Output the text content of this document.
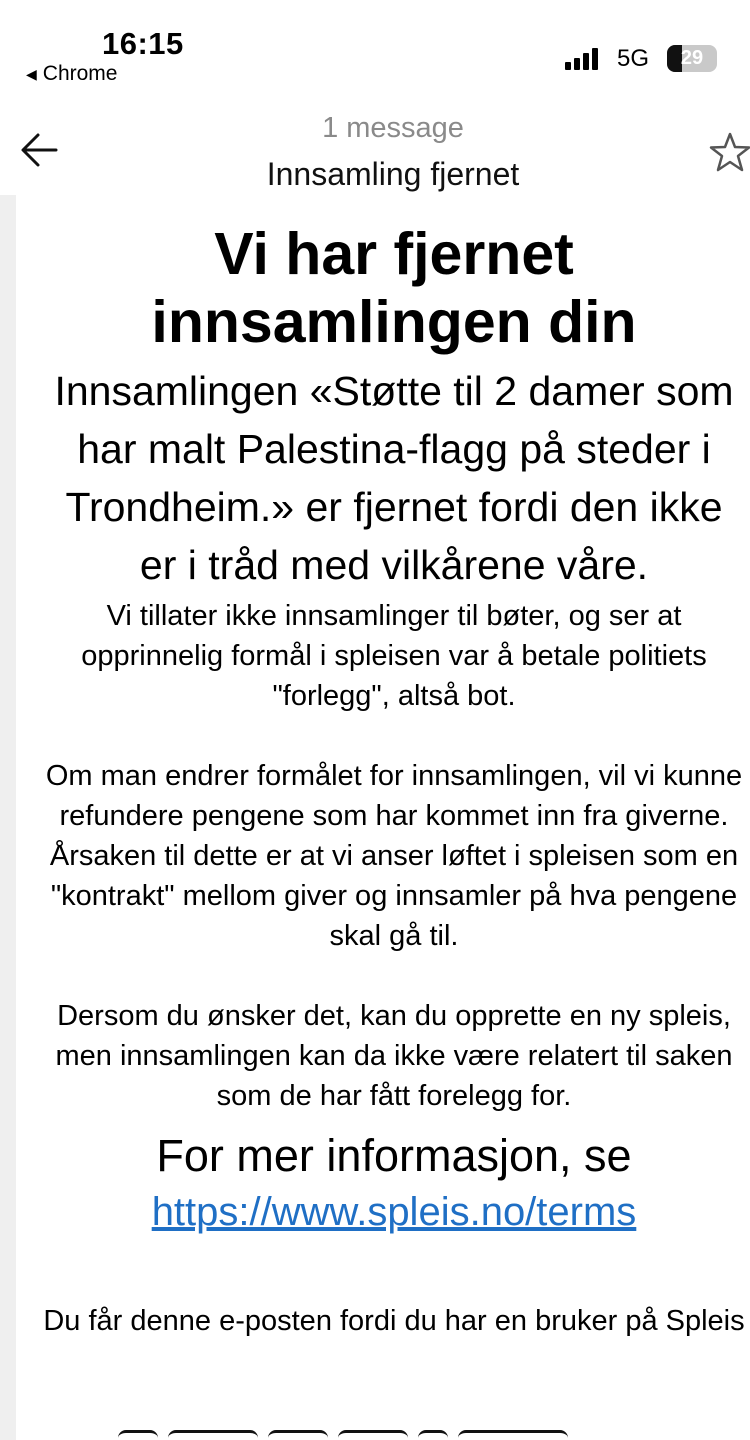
16:15
◀ Chrome
5G	29
1 message
Innsamling fjernet
Vi har fjernet innsamlingen din
Innsamlingen «Støtte til 2 damer som har malt Palestina-flagg på steder i Trondheim.» er fjernet fordi den ikke er i tråd med vilkårene våre.
Vi tillater ikke innsamlinger til bøter, og ser at opprinnelig formål i spleisen var å betale politiets "forlegg", altså bot.
Om man endrer formålet for innsamlingen, vil vi kunne refundere pengene som har kommet inn fra giverne. Årsaken til dette er at vi anser løftet i spleisen som en "kontrakt" mellom giver og innsamler på hva pengene skal gå til.
Dersom du ønsker det, kan du opprette en ny spleis, men innsamlingen kan da ikke være relatert til saken som de har fått forelegg for.
For mer informasjon, se
https://www.spleis.no/terms
Du får denne e-posten fordi du har en bruker på Spleis
